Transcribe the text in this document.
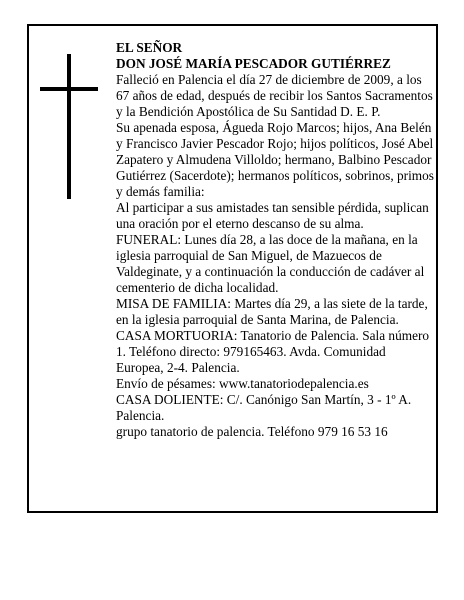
EL SEÑOR

DON JOSÉ MARÍA PESCADOR GUTIÉRREZ

Falleció en Palencia el día 27 de diciembre de 2009, a los 67 años de edad, después de recibir los Santos Sacramentos y la Bendición Apostólica de Su Santidad D. E. P.

Su apenada esposa, Águeda Rojo Marcos; hijos, Ana Belén y Francisco Javier Pescador Rojo; hijos políticos, José Abel Zapatero y Almudena Villoldo; hermano, Balbino Pescador Gutiérrez (Sacerdote); hermanos políticos, sobrinos, primos y demás familia:

Al participar a sus amistades tan sensible pérdida, suplican una oración por el eterno descanso de su alma.

FUNERAL: Lunes día 28, a las doce de la mañana, en la iglesia parroquial de San Miguel, de Mazuecos de Valdeginate, y a continuación la conducción de cadáver al cementerio de dicha localidad.

MISA DE FAMILIA: Martes día 29, a las siete de la tarde, en la iglesia parroquial de Santa Marina, de Palencia.

CASA MORTUORIA: Tanatorio de Palencia. Sala número 1. Teléfono directo: 979165463. Avda. Comunidad Europea, 2-4. Palencia.

Envío de pésames: www.tanatoriodepalencia.es

CASA DOLIENTE: C/. Canónigo San Martín, 3 - 1º A. Palencia.

grupo tanatorio de palencia. Teléfono 979 16 53 16
